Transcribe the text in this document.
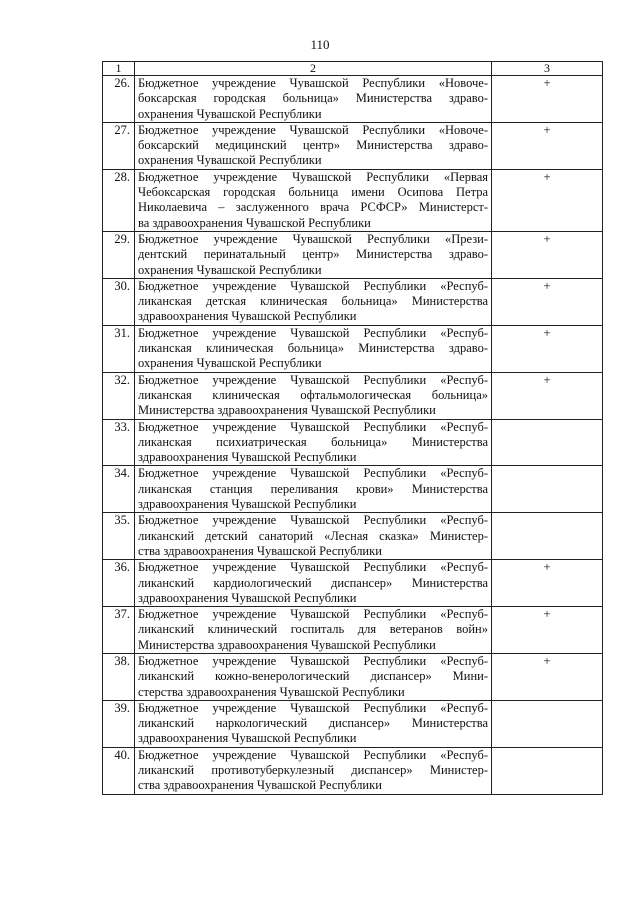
110
1	2	3
26.	Бюджетное учреждение Чувашской Республики «Новоче-
боксарская городская больница» Министерства здраво-
охранения Чувашской Республики	+
27.	Бюджетное учреждение Чувашской Республики «Новоче-
боксарский медицинский центр» Министерства здраво-
охранения Чувашской Республики	+
28.	Бюджетное учреждение Чувашской Республики «Первая
Чебоксарская городская больница имени Осипова Петра
Николаевича – заслуженного врача РСФСР» Министерст-
ва здравоохранения Чувашской Республики	+
29.	Бюджетное учреждение Чувашской Республики «Прези-
дентский перинатальный центр» Министерства здраво-
охранения Чувашской Республики	+
30.	Бюджетное учреждение Чувашской Республики «Респуб-
ликанская детская клиническая больница» Министерства
здравоохранения Чувашской Республики	+
31.	Бюджетное учреждение Чувашской Республики «Респуб-
ликанская клиническая больница» Министерства здраво-
охранения Чувашской Республики	+
32.	Бюджетное учреждение Чувашской Республики «Респуб-
ликанская клиническая офтальмологическая больница»
Министерства здравоохранения Чувашской Республики	+
33.	Бюджетное учреждение Чувашской Республики «Респуб-
ликанская психиатрическая больница» Министерства
здравоохранения Чувашской Республики	

34.	Бюджетное учреждение Чувашской Республики «Респуб-
ликанская станция переливания крови» Министерства
здравоохранения Чувашской Республики	

35.	Бюджетное учреждение Чувашской Республики «Респуб-
ликанский детский санаторий «Лесная сказка» Министер-
ства здравоохранения Чувашской Республики	

36.	Бюджетное учреждение Чувашской Республики «Респуб-
ликанский кардиологический диспансер» Министерства
здравоохранения Чувашской Республики	+
37.	Бюджетное учреждение Чувашской Республики «Респуб-
ликанский клинический госпиталь для ветеранов войн»
Министерства здравоохранения Чувашской Республики	+
38.	Бюджетное учреждение Чувашской Республики «Респуб-
ликанский кожно-венерологический диспансер» Мини-
стерства здравоохранения Чувашской Республики	+
39.	Бюджетное учреждение Чувашской Республики «Респуб-
ликанский наркологический диспансер» Министерства
здравоохранения Чувашской Республики	

40.	Бюджетное учреждение Чувашской Республики «Респуб-
ликанский противотуберкулезный диспансер» Министер-
ства здравоохранения Чувашской Республики	
